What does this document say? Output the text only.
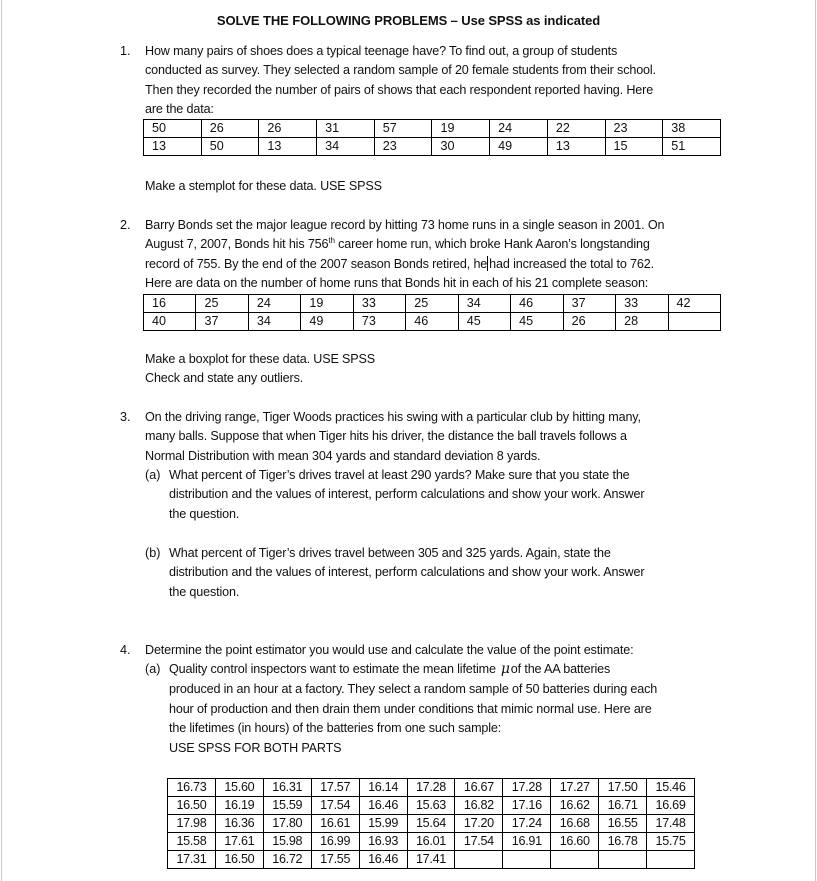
SOLVE THE FOLLOWING PROBLEMS – Use SPSS as indicated
1.	How many pairs of shoes does a typical teenage have? To find out, a group of students
conducted as survey. They selected a random sample of 20 female students from their school.
Then they recorded the number of pairs of shows that each respondent reported having. Here
are the data:
50	26	26	31	57	19	24	22	23	38
13	50	13	34	23	30	49	13	15	51
Make a stemplot for these data. USE SPSS
2.	Barry Bonds set the major league record by hitting 73 home runs in a single season in 2001. On
August 7, 2007, Bonds hit his 756th career home run, which broke Hank Aaron’s longstanding
record of 755. By the end of the 2007 season Bonds retired, he had increased the total to 762.
Here are data on the number of home runs that Bonds hit in each of his 21 complete season:
16	25	24	19	33	25	34	46	37	33	42
40	37	34	49	73	46	45	45	26	28	
Make a boxplot for these data. USE SPSS
Check and state any outliers.
3.	On the driving range, Tiger Woods practices his swing with a particular club by hitting many,
many balls. Suppose that when Tiger hits his driver, the distance the ball travels follows a
Normal Distribution with mean 304 yards and standard deviation 8 yards.
(a) What percent of Tiger’s drives travel at least 290 yards? Make sure that you state the
distribution and the values of interest, perform calculations and show your work. Answer
the question.
(b) What percent of Tiger’s drives travel between 305 and 325 yards. Again, state the
distribution and the values of interest, perform calculations and show your work. Answer
the question.
4.	Determine the point estimator you would use and calculate the value of the point estimate:
(a) Quality control inspectors want to estimate the mean lifetime μof the AA batteries
produced in an hour at a factory. They select a random sample of 50 batteries during each
hour of production and then drain them under conditions that mimic normal use. Here are
the lifetimes (in hours) of the batteries from one such sample:
USE SPSS FOR BOTH PARTS
16.73	15.60	16.31	17.57	16.14	17.28	16.67	17.28	17.27	17.50	15.46
16.50	16.19	15.59	17.54	16.46	15.63	16.82	17.16	16.62	16.71	16.69
17.98	16.36	17.80	16.61	15.99	15.64	17.20	17.24	16.68	16.55	17.48
15.58	17.61	15.98	16.99	16.93	16.01	17.54	16.91	16.60	16.78	15.75
17.31	16.50	16.72	17.55	16.46	17.41					
